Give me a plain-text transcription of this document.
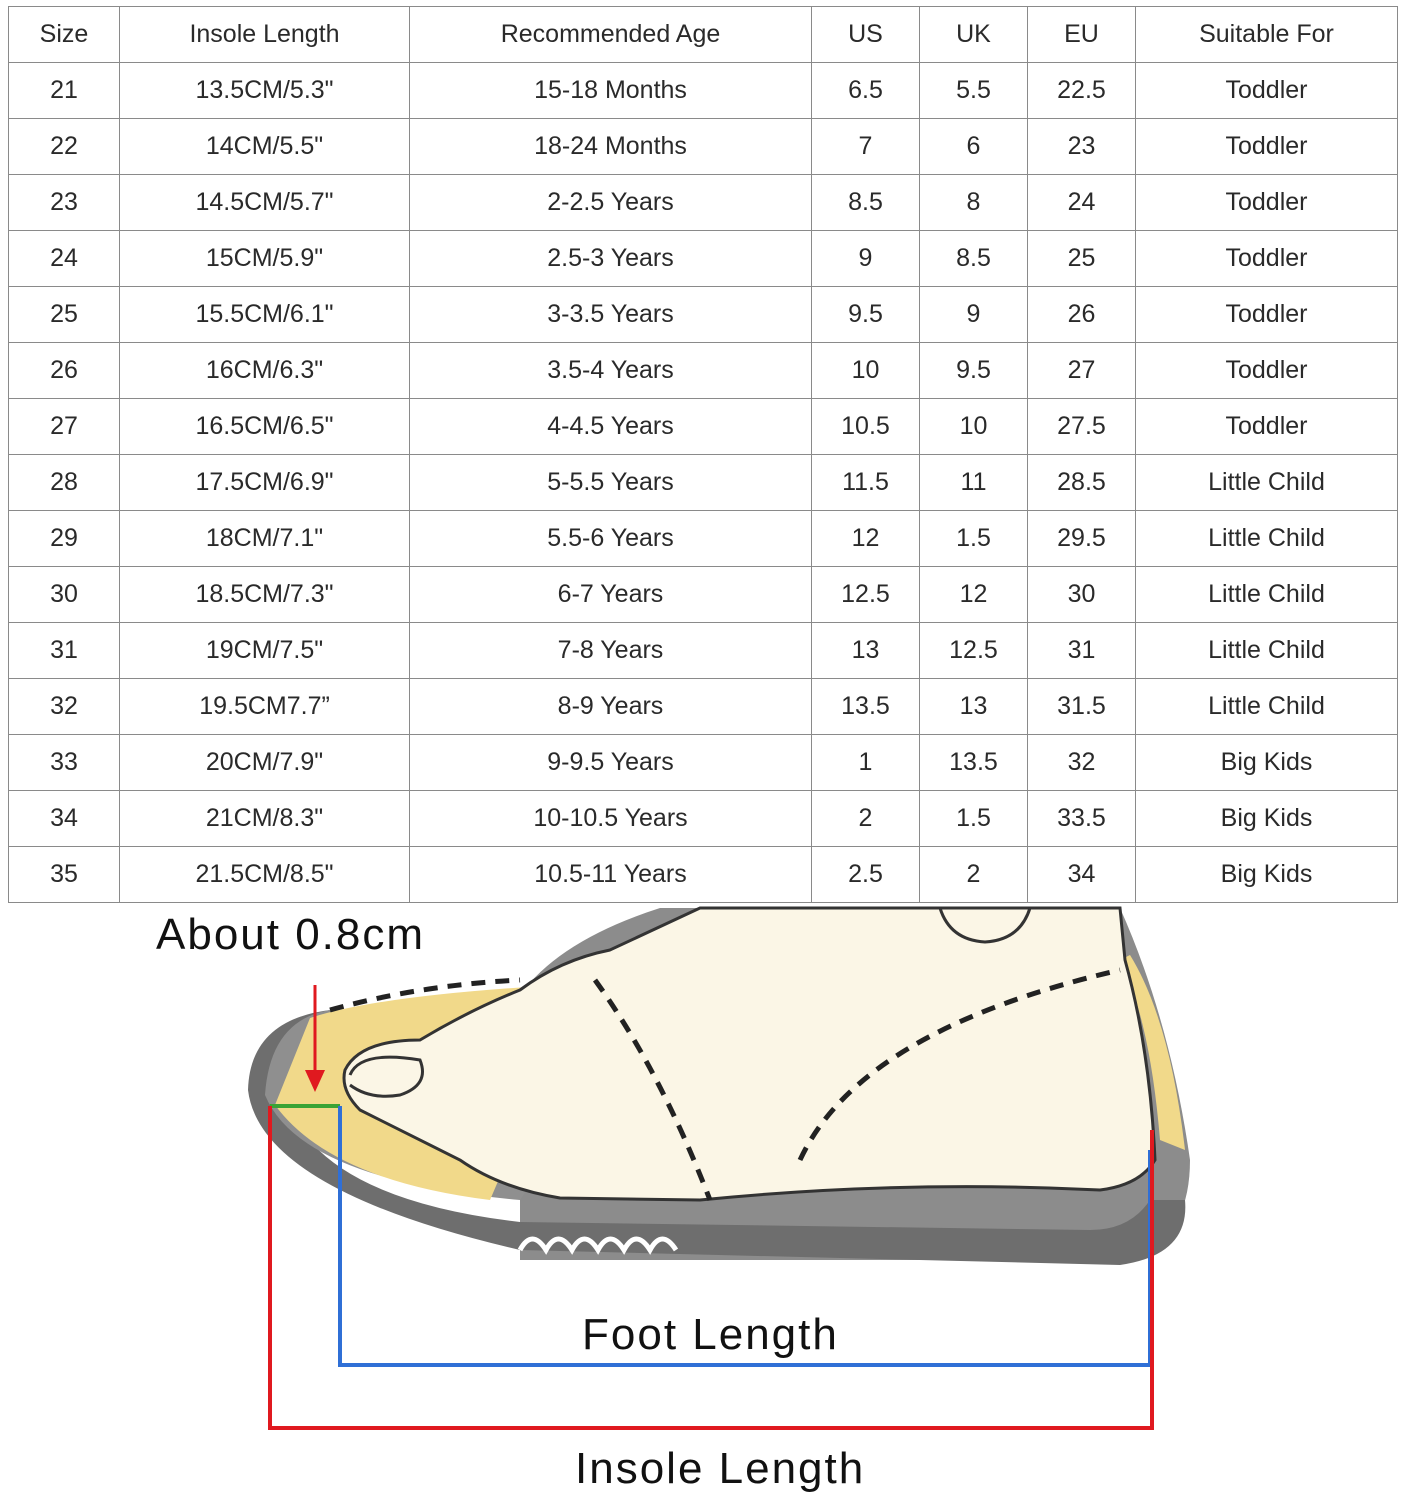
Size	Insole Length	Recommended Age	US	UK	EU	Suitable For
21	13.5CM/5.3"	15-18 Months	6.5	5.5	22.5	Toddler
22	14CM/5.5"	18-24 Months	7	6	23	Toddler
23	14.5CM/5.7"	2-2.5 Years	8.5	8	24	Toddler
24	15CM/5.9"	2.5-3 Years	9	8.5	25	Toddler
25	15.5CM/6.1"	3-3.5 Years	9.5	9	26	Toddler
26	16CM/6.3"	3.5-4 Years	10	9.5	27	Toddler
27	16.5CM/6.5"	4-4.5 Years	10.5	10	27.5	Toddler
28	17.5CM/6.9"	5-5.5 Years	11.5	11	28.5	Little Child
29	18CM/7.1"	5.5-6 Years	12	1.5	29.5	Little Child
30	18.5CM/7.3"	6-7 Years	12.5	12	30	Little Child
31	19CM/7.5"	7-8 Years	13	12.5	31	Little Child
32	19.5CM7.7”	8-9 Years	13.5	13	31.5	Little Child
33	20CM/7.9"	9-9.5 Years	1	13.5	32	Big Kids
34	21CM/8.3"	10-10.5 Years	2	1.5	33.5	Big Kids
35	21.5CM/8.5"	10.5-11 Years	2.5	2	34	Big Kids
About 0.8cm
Foot Length
Insole Length
